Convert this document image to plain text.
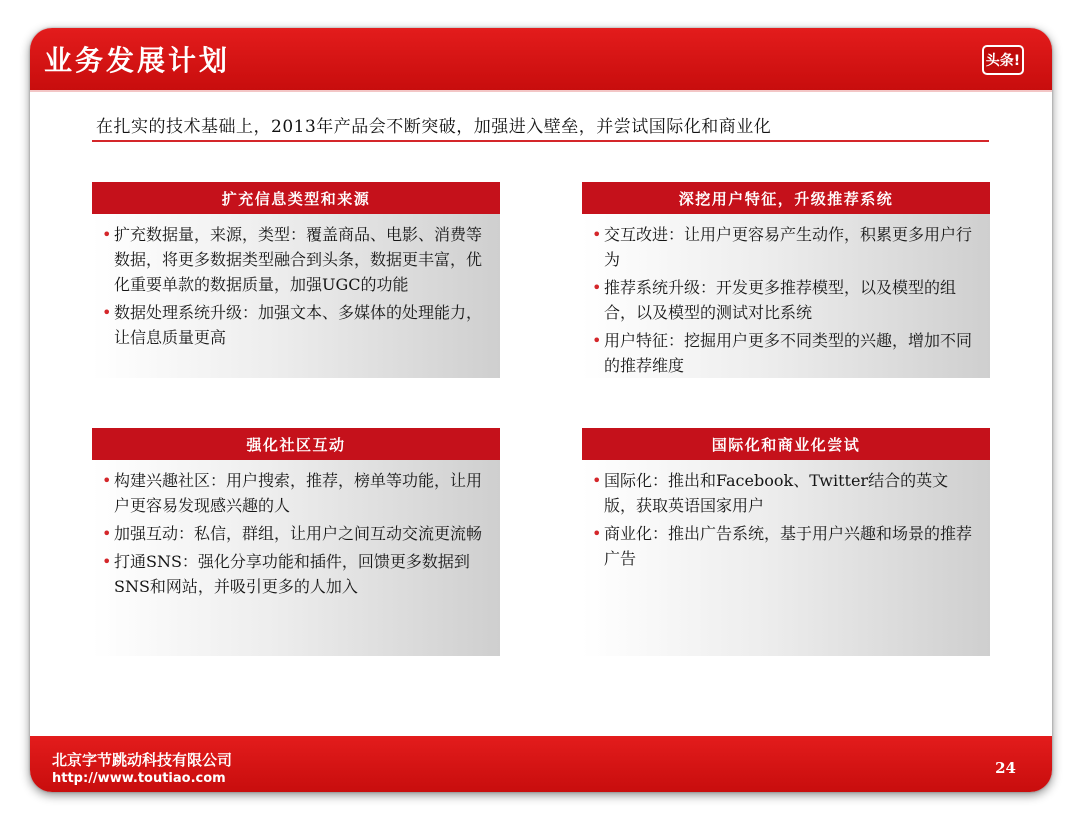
业务发展计划	头条!
在扎实的技术基础上，2013年产品会不断突破，加强进入壁垒，并尝试国际化和商业化
扩充信息类型和来源
• 扩充数据量，来源，类型：覆盖商品、电影、消费等数据，将更多数据类型融合到头条，数据更丰富，优化重要单款的数据质量，加强UGC的功能
• 数据处理系统升级：加强文本、多媒体的处理能力，让信息质量更高
深挖用户特征，升级推荐系统
• 交互改进：让用户更容易产生动作，积累更多用户行为
• 推荐系统升级：开发更多推荐模型，以及模型的组合，以及模型的测试对比系统
• 用户特征：挖掘用户更多不同类型的兴趣，增加不同的推荐维度
强化社区互动
• 构建兴趣社区：用户搜索，推荐，榜单等功能，让用户更容易发现感兴趣的人
• 加强互动：私信，群组，让用户之间互动交流更流畅
• 打通SNS：强化分享功能和插件，回馈更多数据到SNS和网站，并吸引更多的人加入
国际化和商业化尝试
• 国际化：推出和Facebook、Twitter结合的英文版，获取英语国家用户
• 商业化：推出广告系统，基于用户兴趣和场景的推荐广告
北京字节跳动科技有限公司
http://www.toutiao.com
24
